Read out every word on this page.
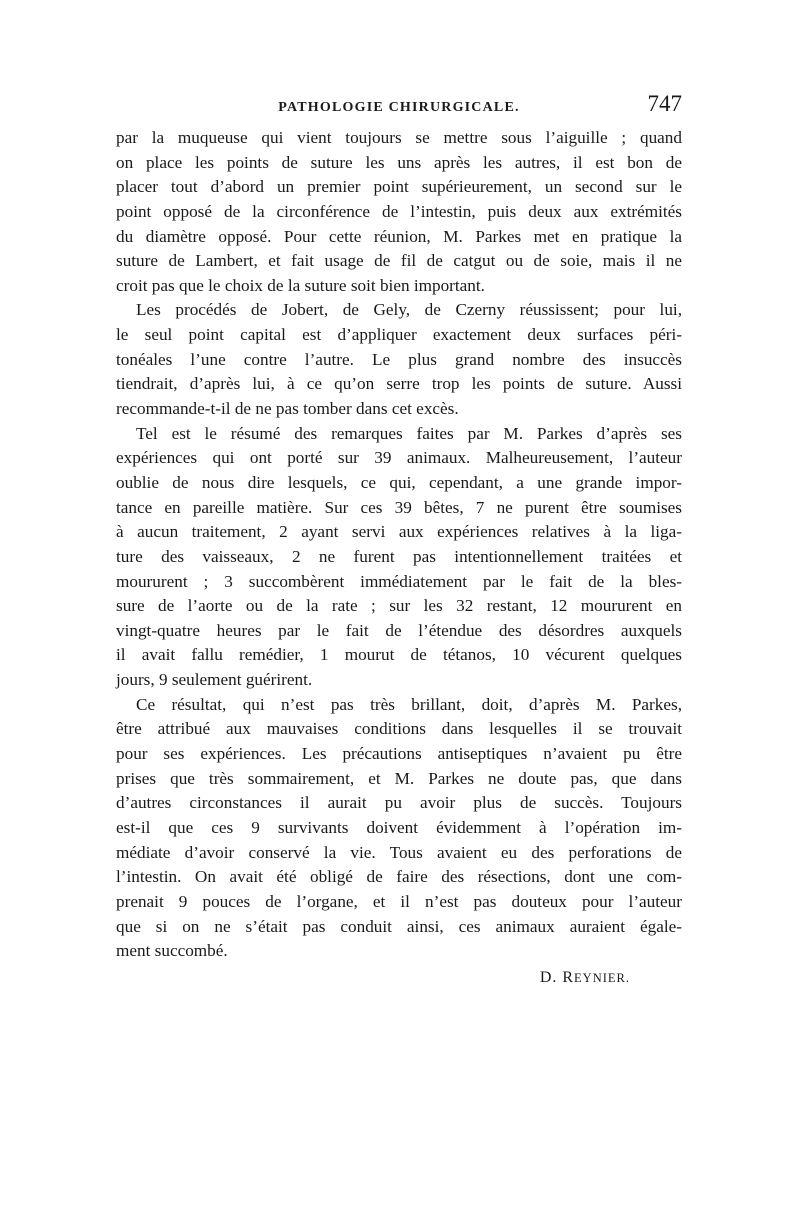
PATHOLOGIE CHIRURGICALE.	747
par la muqueuse qui vient toujours se mettre sous l’aiguille ; quand
on place les points de suture les uns après les autres, il est bon de
placer tout d’abord un premier point supérieurement, un second sur le
point opposé de la circonférence de l’intestin, puis deux aux extrémités
du diamètre opposé. Pour cette réunion, M. Parkes met en pratique la
suture de Lambert, et fait usage de fil de catgut ou de soie, mais il ne
croit pas que le choix de la suture soit bien important.
Les procédés de Jobert, de Gely, de Czerny réussissent; pour lui,
le seul point capital est d’appliquer exactement deux surfaces péri-
tonéales l’une contre l’autre. Le plus grand nombre des insuccès
tiendrait, d’après lui, à ce qu’on serre trop les points de suture. Aussi
recommande-t-il de ne pas tomber dans cet excès.
Tel est le résumé des remarques faites par M. Parkes d’après ses
expériences qui ont porté sur 39 animaux. Malheureusement, l’auteur
oublie de nous dire lesquels, ce qui, cependant, a une grande impor-
tance en pareille matière. Sur ces 39 bêtes, 7 ne purent être soumises
à aucun traitement, 2 ayant servi aux expériences relatives à la liga-
ture des vaisseaux, 2 ne furent pas intentionnellement traitées et
moururent ; 3 succombèrent immédiatement par le fait de la bles-
sure de l’aorte ou de la rate ; sur les 32 restant, 12 moururent en
vingt-quatre heures par le fait de l’étendue des désordres auxquels
il avait fallu remédier, 1 mourut de tétanos, 10 vécurent quelques
jours, 9 seulement guérirent.
Ce résultat, qui n’est pas très brillant, doit, d’après M. Parkes,
être attribué aux mauvaises conditions dans lesquelles il se trouvait
pour ses expériences. Les précautions antiseptiques n’avaient pu être
prises que très sommairement, et M. Parkes ne doute pas, que dans
d’autres circonstances il aurait pu avoir plus de succès. Toujours
est-il que ces 9 survivants doivent évidemment à l’opération im-
médiate d’avoir conservé la vie. Tous avaient eu des perforations de
l’intestin. On avait été obligé de faire des résections, dont une com-
prenait 9 pouces de l’organe, et il n’est pas douteux pour l’auteur
que si on ne s’était pas conduit ainsi, ces animaux auraient égale-
ment succombé.
D. REYNIER.
